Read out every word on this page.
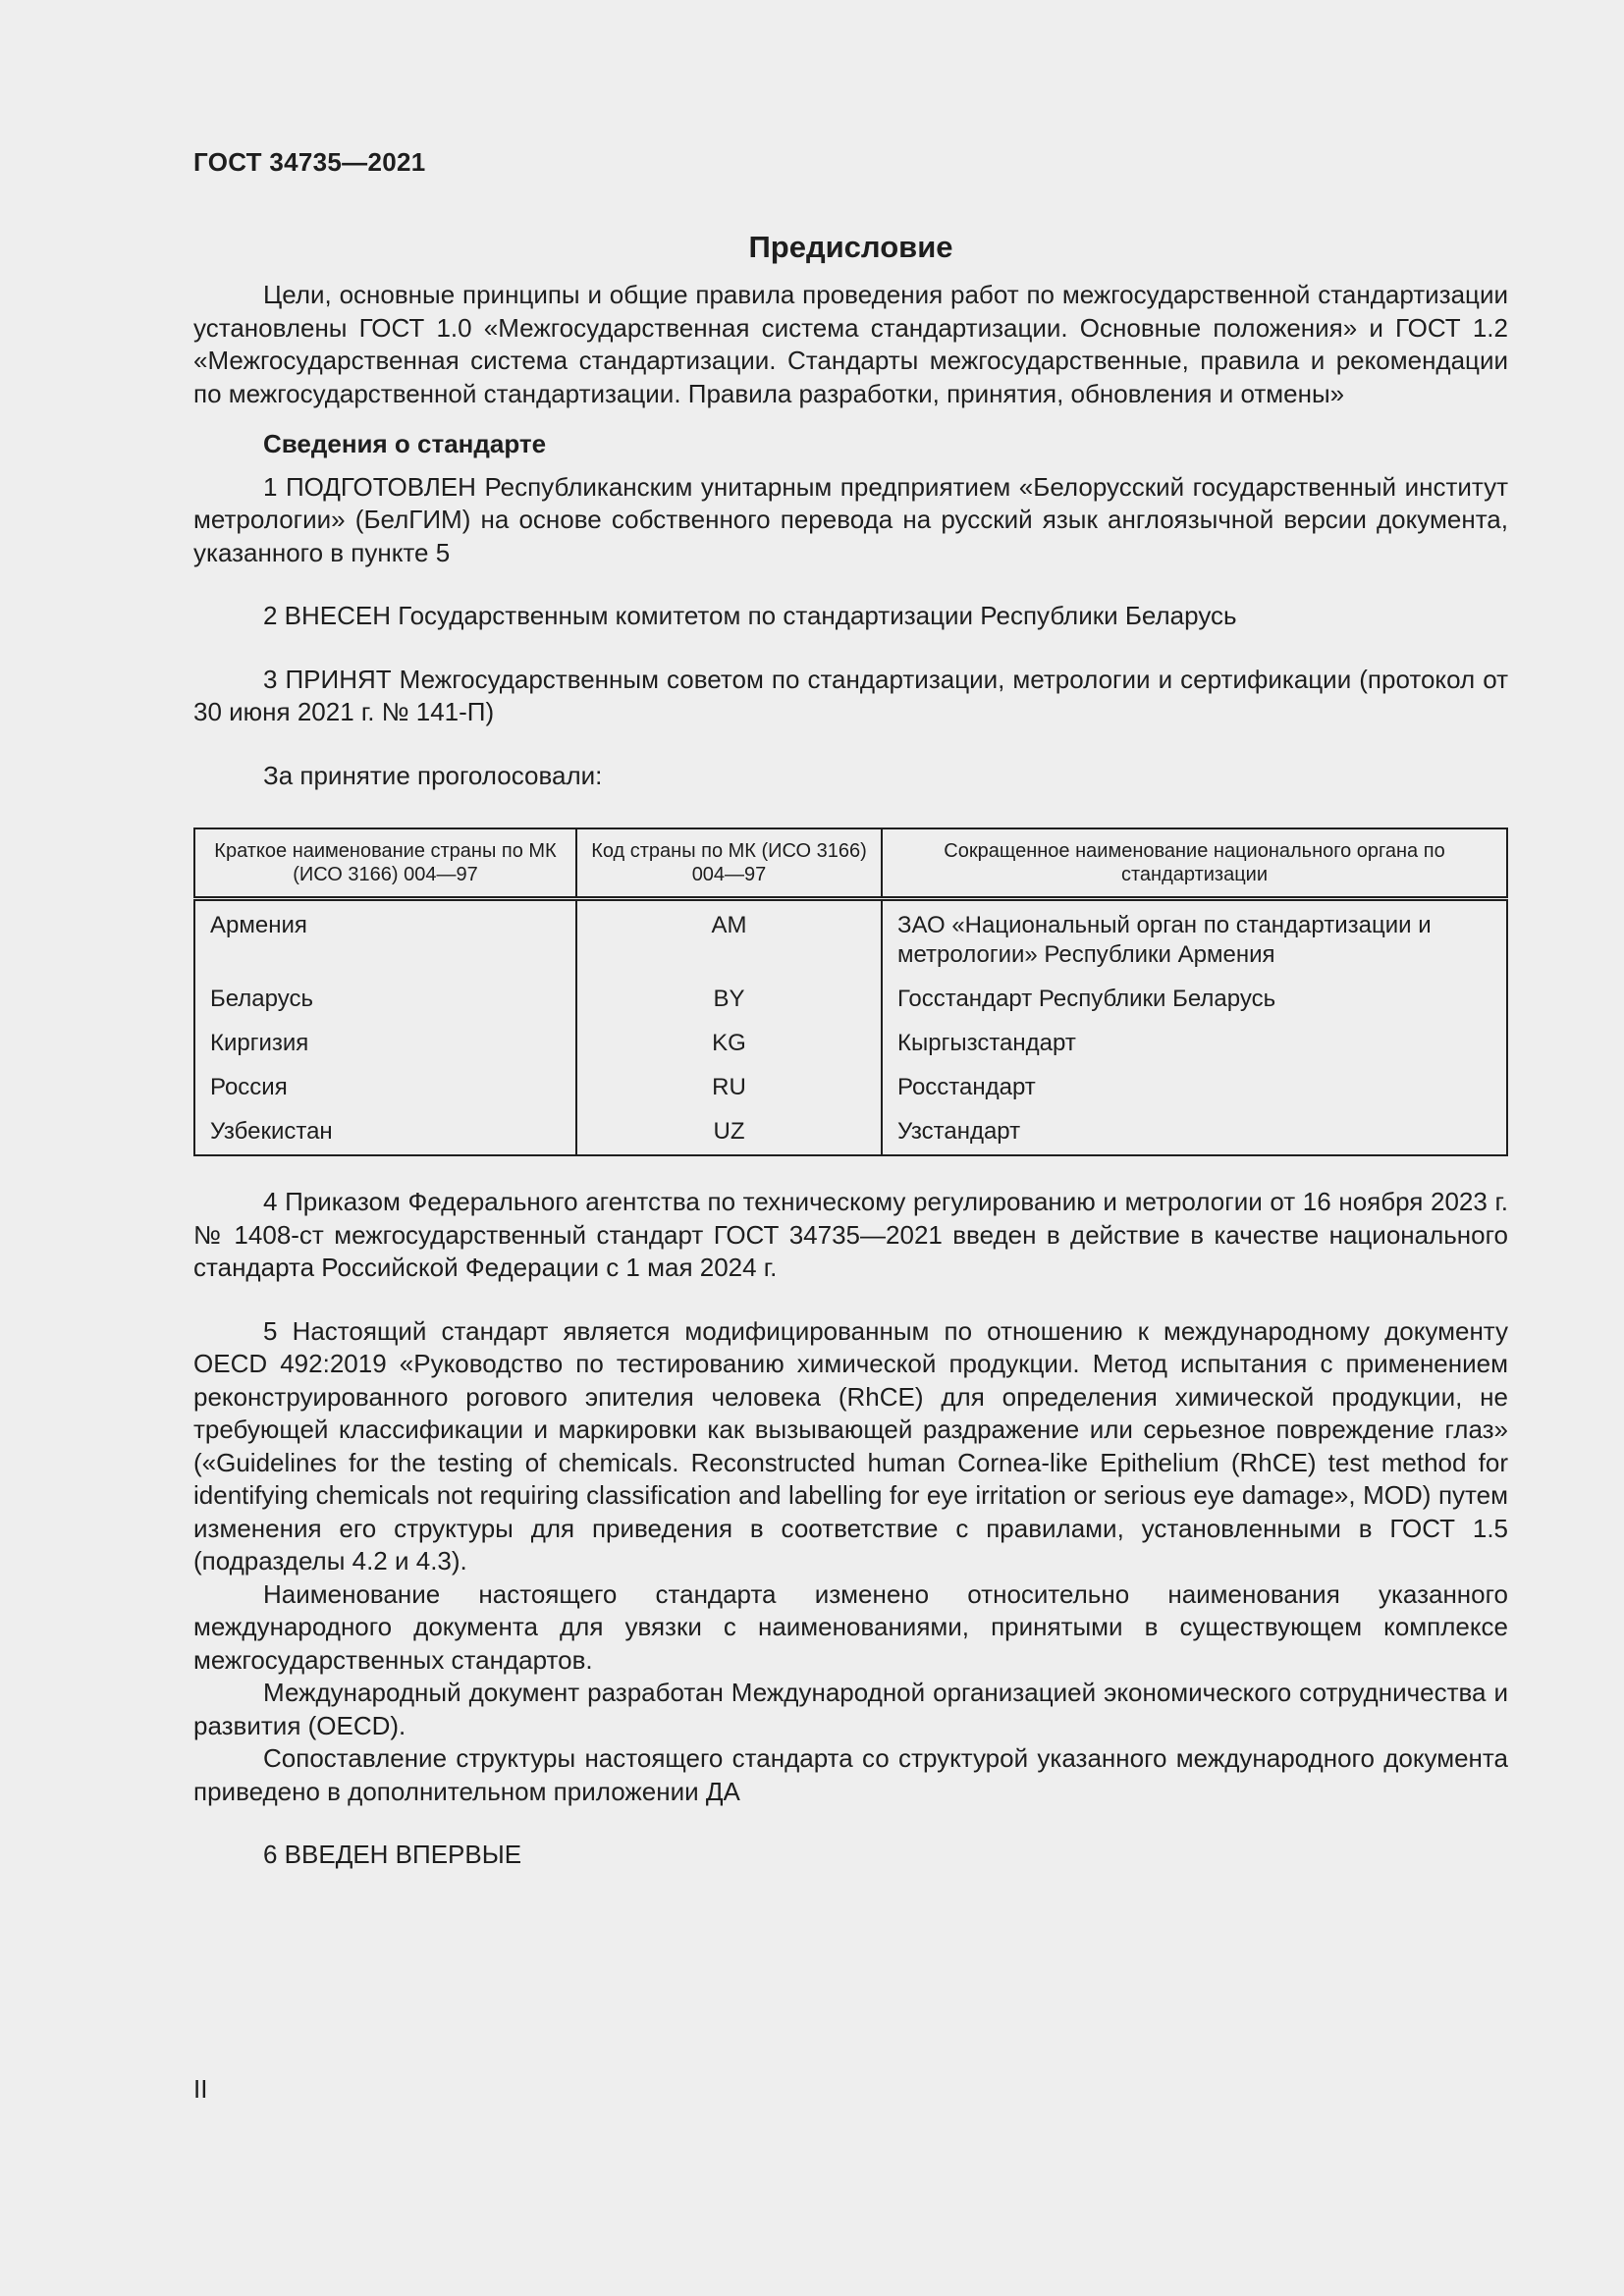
ГОСТ 34735—2021
Предисловие

Цели, основные принципы и общие правила проведения работ по межгосударственной стандартизации установлены ГОСТ 1.0 «Межгосударственная система стандартизации. Основные положения» и ГОСТ 1.2 «Межгосударственная система стандартизации. Стандарты межгосударственные, правила и рекомендации по межгосударственной стандартизации. Правила разработки, принятия, обновления и отмены»

Сведения о стандарте

1 ПОДГОТОВЛЕН Республиканским унитарным предприятием «Белорусский государственный институт метрологии» (БелГИМ) на основе собственного перевода на русский язык англоязычной версии документа, указанного в пункте 5

2 ВНЕСЕН Государственным комитетом по стандартизации Республики Беларусь

3 ПРИНЯТ Межгосударственным советом по стандартизации, метрологии и сертификации (протокол от 30 июня 2021 г. № 141-П)

За принятие проголосовали:

Краткое наименование страны по МК (ИСО 3166) 004—97	Код страны по МК (ИСО 3166) 004—97	Сокращенное наименование национального органа по стандартизации
Армения	AM	ЗАО «Национальный орган по стандартизации и метрологии» Республики Армения
Беларусь	BY	Госстандарт Республики Беларусь
Киргизия	KG	Кыргызстандарт
Россия	RU	Росстандарт
Узбекистан	UZ	Узстандарт

4 Приказом Федерального агентства по техническому регулированию и метрологии от 16 ноября 2023 г. № 1408-ст межгосударственный стандарт ГОСТ 34735—2021 введен в действие в качестве национального стандарта Российской Федерации с 1 мая 2024 г.

5 Настоящий стандарт является модифицированным по отношению к международному документу OECD 492:2019 «Руководство по тестированию химической продукции. Метод испытания с применением реконструированного рогового эпителия человека (RhCE) для определения химической продукции, не требующей классификации и маркировки как вызывающей раздражение или серьезное повреждение глаз» («Guidelines for the testing of chemicals. Reconstructed human Cornea-like Epithelium (RhCE) test method for identifying chemicals not requiring classification and labelling for eye irritation or serious eye damage», MOD) путем изменения его структуры для приведения в соответствие с правилами, установленными в ГОСТ 1.5 (подразделы 4.2 и 4.3).

Наименование настоящего стандарта изменено относительно наименования указанного международного документа для увязки с наименованиями, принятыми в существующем комплексе межгосударственных стандартов.

Международный документ разработан Международной организацией экономического сотрудничества и развития (OECD).

Сопоставление структуры настоящего стандарта со структурой указанного международного документа приведено в дополнительном приложении ДА

6 ВВЕДЕН ВПЕРВЫЕ

II
